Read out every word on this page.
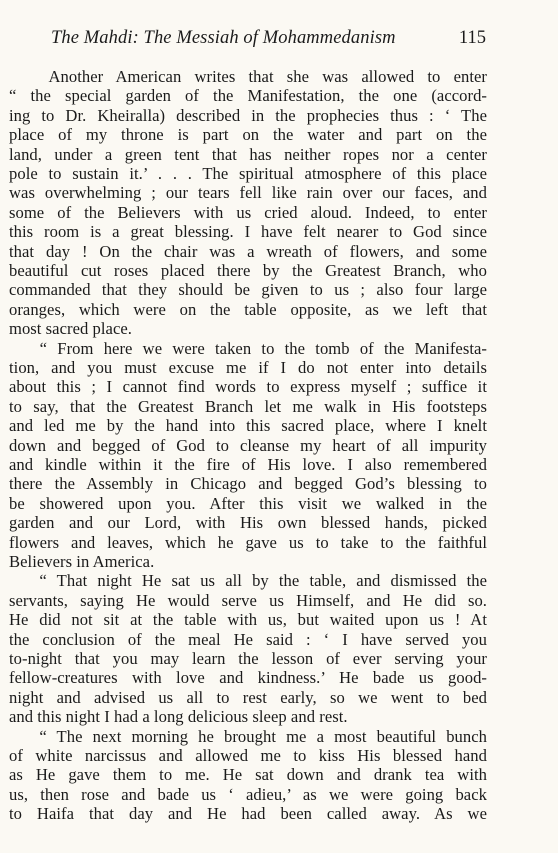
The Mahdi: The Messiah of Mohammedanism	115
Another American writes that she was allowed to enter
“ the special garden of the Manifestation, the one (accord-
ing to Dr. Kheiralla) described in the prophecies thus : ‘ The
place of my throne is part on the water and part on the
land, under a green tent that has neither ropes nor a center
pole to sustain it.’ . . . The spiritual atmosphere of this place
was overwhelming ; our tears fell like rain over our faces, and
some of the Believers with us cried aloud. Indeed, to enter
this room is a great blessing. I have felt nearer to God since
that day ! On the chair was a wreath of flowers, and some
beautiful cut roses placed there by the Greatest Branch, who
commanded that they should be given to us ; also four large
oranges, which were on the table opposite, as we left that
most sacred place.
“ From here we were taken to the tomb of the Manifesta-
tion, and you must excuse me if I do not enter into details
about this ; I cannot find words to express myself ; suffice it
to say, that the Greatest Branch let me walk in His footsteps
and led me by the hand into this sacred place, where I knelt
down and begged of God to cleanse my heart of all impurity
and kindle within it the fire of His love. I also remembered
there the Assembly in Chicago and begged God’s blessing to
be showered upon you. After this visit we walked in the
garden and our Lord, with His own blessed hands, picked
flowers and leaves, which he gave us to take to the faithful
Believers in America.
“ That night He sat us all by the table, and dismissed the
servants, saying He would serve us Himself, and He did so.
He did not sit at the table with us, but waited upon us ! At
the conclusion of the meal He said : ‘ I have served you
to-night that you may learn the lesson of ever serving your
fellow-creatures with love and kindness.’ He bade us good-
night and advised us all to rest early, so we went to bed
and this night I had a long delicious sleep and rest.
“ The next morning he brought me a most beautiful bunch
of white narcissus and allowed me to kiss His blessed hand
as He gave them to me. He sat down and drank tea with
us, then rose and bade us ‘ adieu,’ as we were going back
to Haifa that day and He had been called away. As we
